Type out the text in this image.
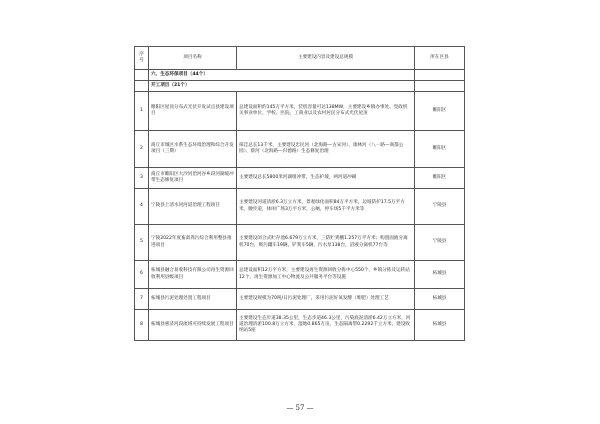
序号	项目名称	主要建设内容及建设总规模	所在区县
	六、生态环保项目（44个）		
	开工项目（21个）		
1	睢阳区屋顶分布式光伏开发试点县建设项目	总建设面积约145万平方米，装机容量可达138MW，主要建设乡镇办事处、党政机关事业单位、学校、医院、工商业以及农村居民分布式光伏屋顶	睢阳区
2	商丘市城区水系生态环境治理和综合开发项目（三期）	探洼总长13千米，主要建设忠民河（北海路—古宋河）、康林河（八一路—商都公园）、蔡河（北海路—归德路）生态修复治理	睢阳区
3	商丘市睢阳区大沙河治河谷乡段河湖缓冲带生态修复项目	主要建设总长5800米河湖缓冲带，生态护坡，两河道冲刷	睢阳区
4	宁陵县上清水河河道治理工程项目	主要建设河道清淤6.3万立方米，景观绿化面积84万平方米，边坡防护17.5万平方米，腰步道，休闲广场3万平方米，公厕，停车场5千平方米等	宁陵县
5	宁陵2022年度畜禽粪污综合利用整县推进项目	主要建设闭合式贮存池6.679万立方米，三防贮粪棚1.257万平方米；购置固液分离机70台，吸污罐车19辆，铲粪车5辆，污水泵138台，沼液分离机77台等	宁陵县
6	柘城县融合易收科技有限公司再生资源回收利用县级项目	总建设面积12万平方米，主要建设再生资源回收分拣中心550个，乡镇分拣及运转站12个，再生资源加工中心物流及公共服务平台等设施	柘城县
7	柘城县污泥处理处置工程项目	主要建设规模为70吨/日污泥处理厂，采用污泥好氧发酵（堆肥）处理工艺	柘城县
8	柘城县惠济河段流域可持续发展工程项目	主要建设生态步道38.35公里，生态步道46.3公里，污染底泥清淤6.42万立方米，河道治理清淤100.8万立方米，湿地0.865万亩，生态隔离带0.2292千立方米，建设收纳站5座	柘城县
— 57 —
